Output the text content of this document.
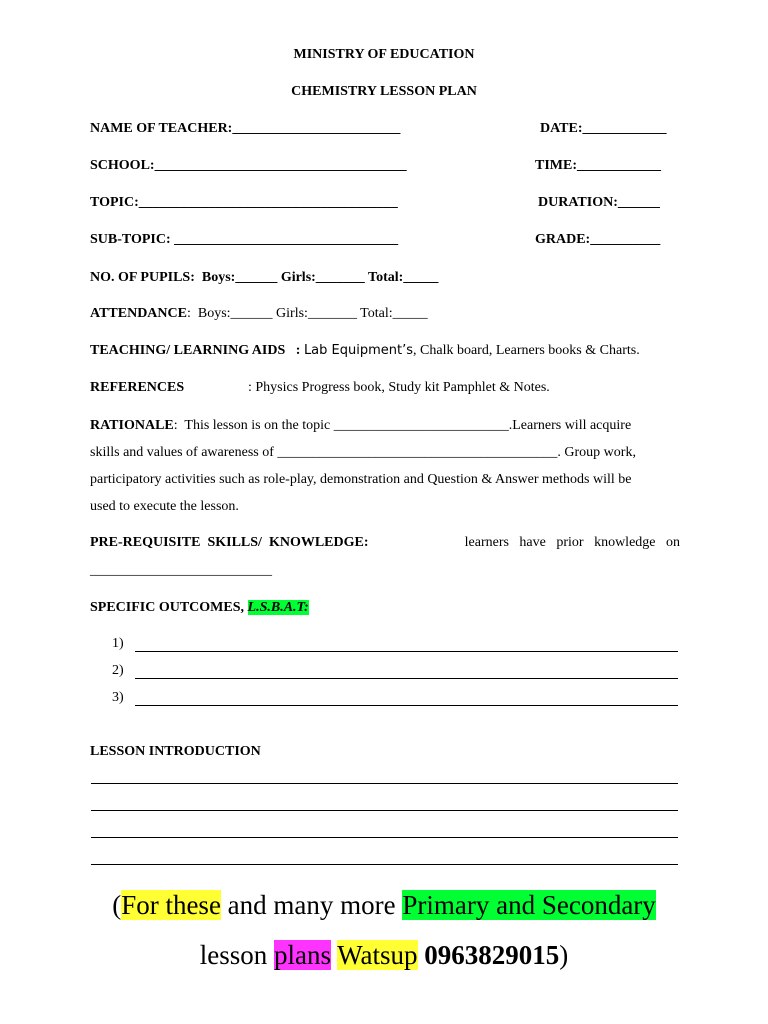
MINISTRY OF EDUCATION
CHEMISTRY LESSON PLAN
NAME OF TEACHER:________________________	DATE:____________
SCHOOL:____________________________________	TIME:____________
TOPIC:_____________________________________	DURATION:______
SUB-TOPIC: ________________________________	GRADE:__________
NO. OF PUPILS:  Boys:______ Girls:_______ Total:_____
ATTENDANCE:  Boys:______ Girls:_______ Total:_____
TEACHING/ LEARNING AIDS   : Lab Equipment’s, Chalk board, Learners books & Charts.
REFERENCES	: Physics Progress book, Study kit Pamphlet & Notes.
RATIONALE:  This lesson is on the topic _________________________.Learners will acquire
skills and values of awareness of ________________________________________. Group work,
participatory activities such as role-play, demonstration and Question & Answer methods will be
used to execute the lesson.
PRE-REQUISITE  SKILLS/  KNOWLEDGE:	learners   have   prior   knowledge   on
__________________________
SPECIFIC OUTCOMES, L.S.B.A.T:
1)
2)
3)
LESSON INTRODUCTION
(For these and many more Primary and Secondary
lesson plans Watsup 0963829015)
